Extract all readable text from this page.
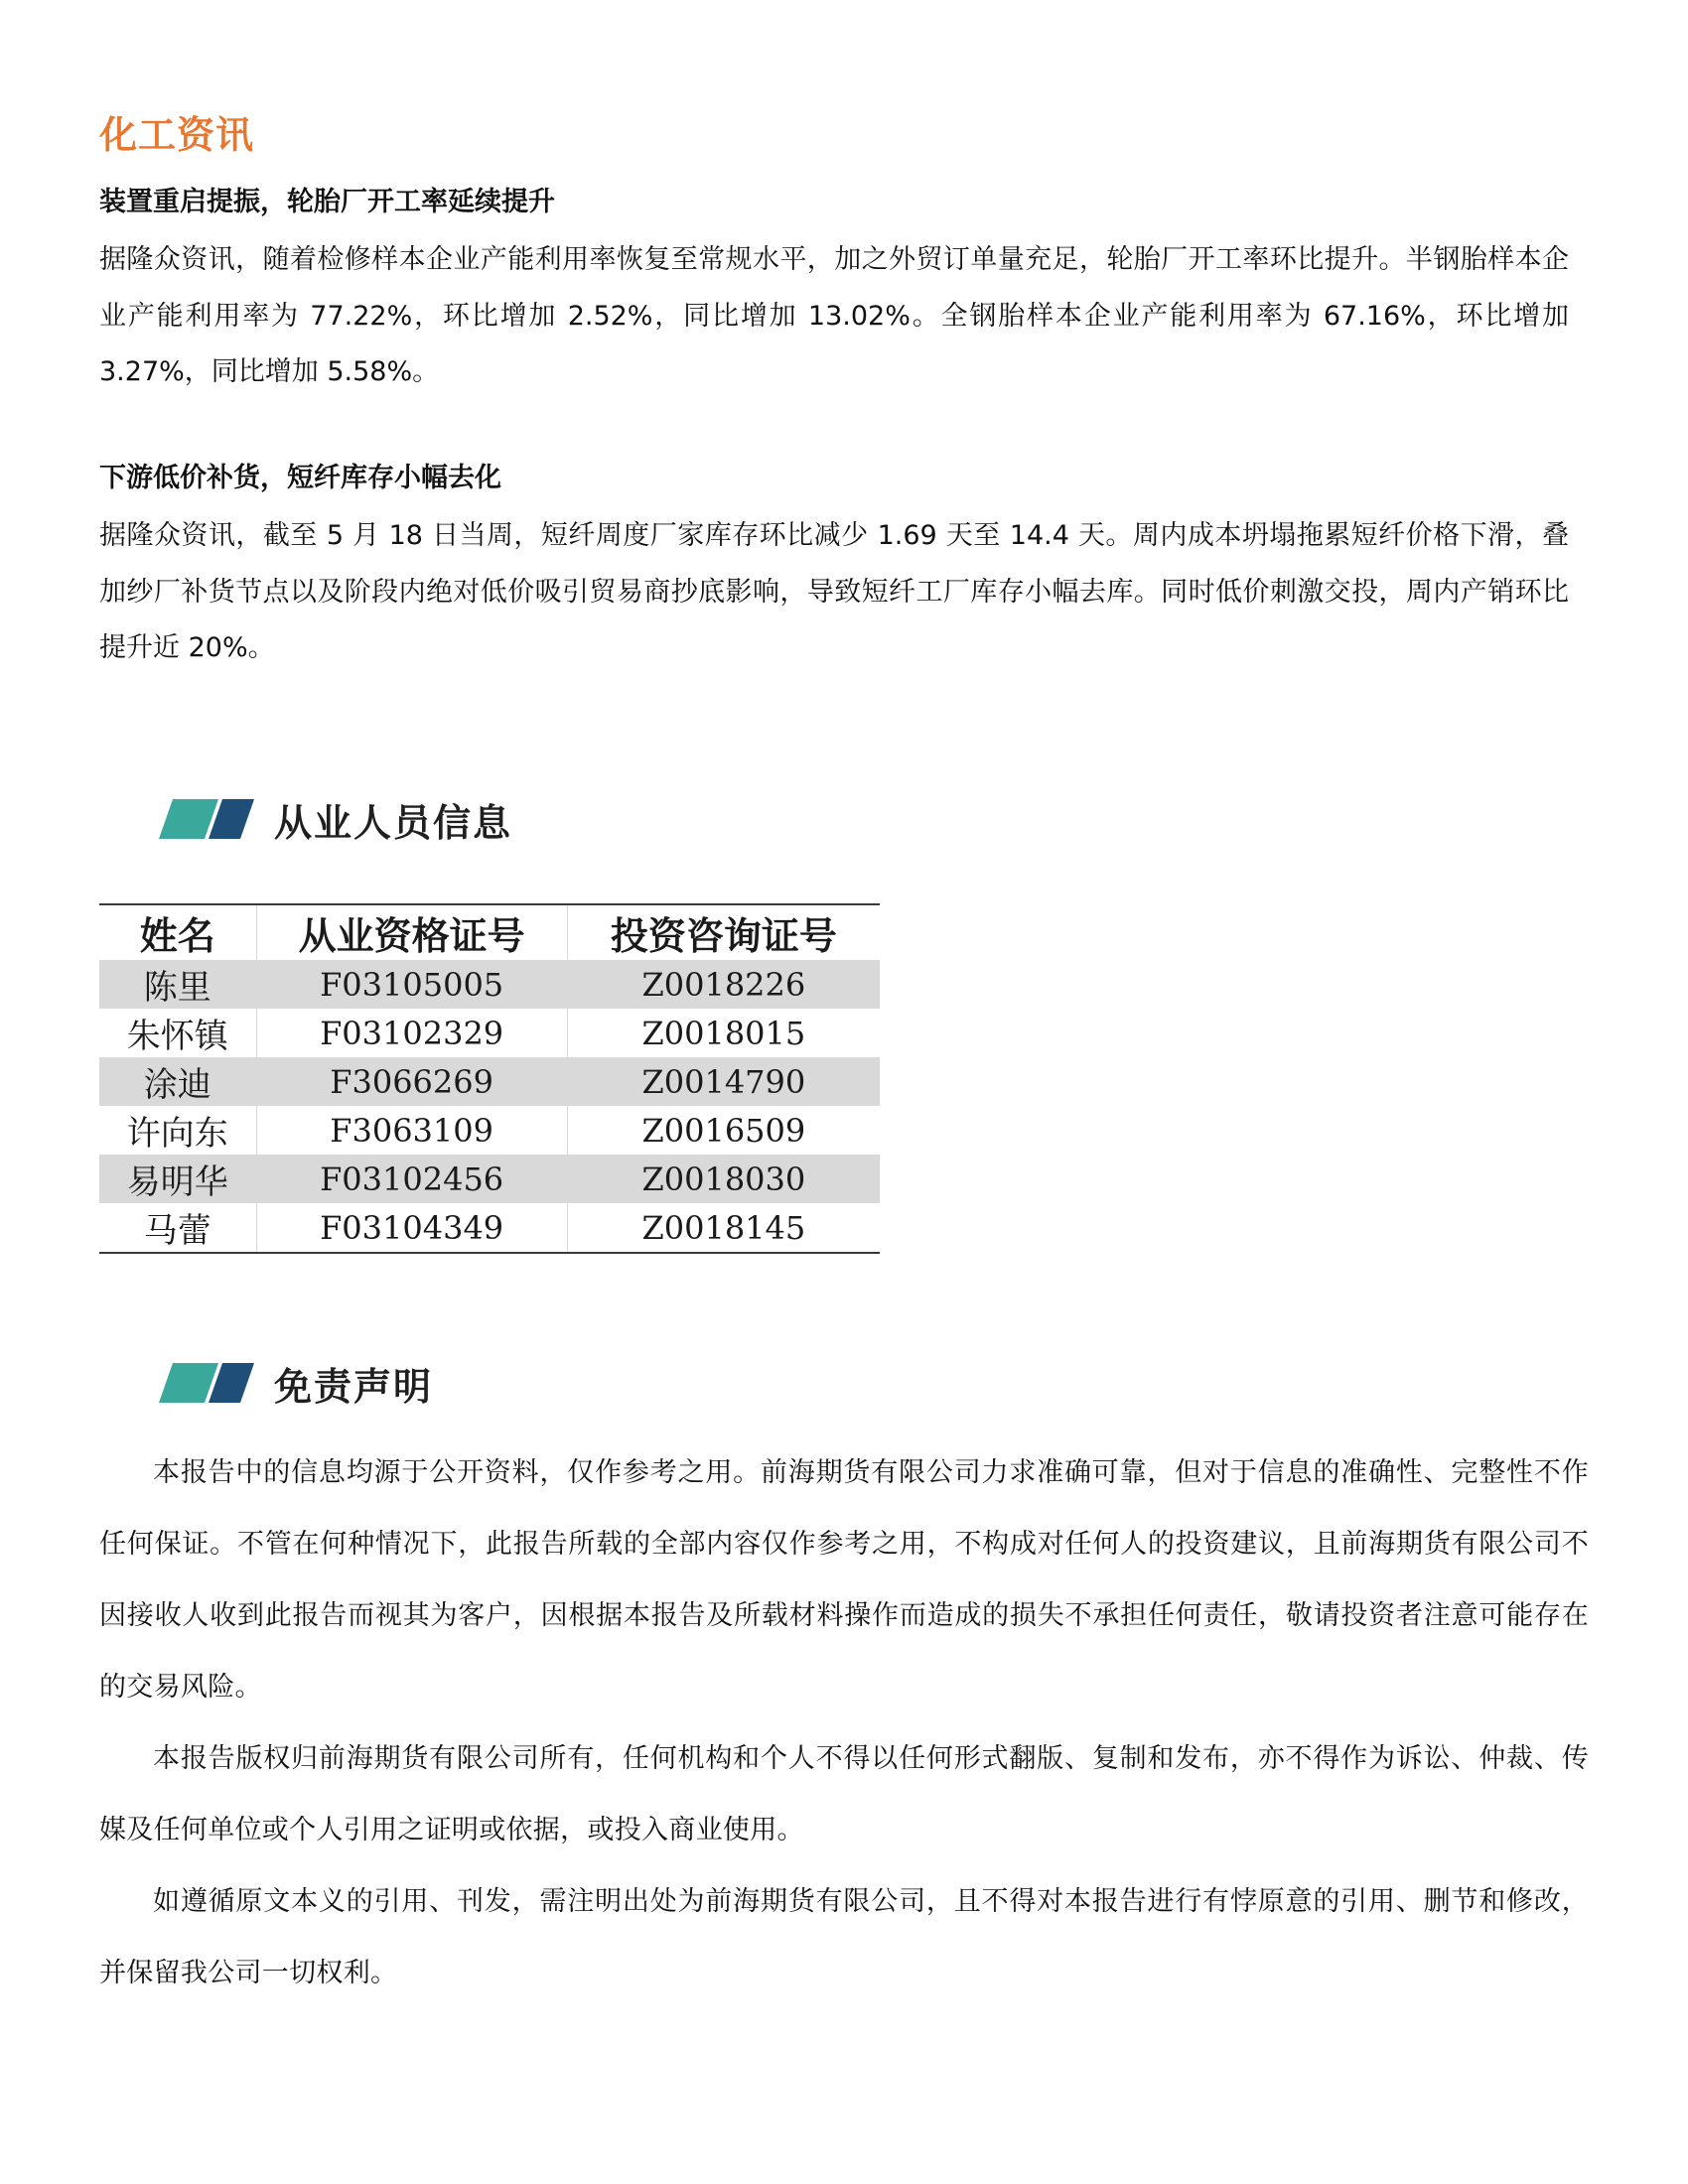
化工资讯

装置重启提振，轮胎厂开工率延续提升

据隆众资讯，随着检修样本企业产能利用率恢复至常规水平，加之外贸订单量充足，轮胎厂开工率环比提升。半钢胎样本企业产能利用率为 77.22%，环比增加 2.52%，同比增加 13.02%。全钢胎样本企业产能利用率为 67.16%，环比增加 3.27%，同比增加 5.58%。

下游低价补货，短纤库存小幅去化

据隆众资讯，截至 5 月 18 日当周，短纤周度厂家库存环比减少 1.69 天至 14.4 天。周内成本坍塌拖累短纤价格下滑，叠加纱厂补货节点以及阶段内绝对低价吸引贸易商抄底影响，导致短纤工厂库存小幅去库。同时低价刺激交投，周内产销环比提升近 20%。

从业人员信息
姓名	从业资格证号	投资咨询证号
陈里	F03105005	Z0018226
朱怀镇	F03102329	Z0018015
涂迪	F3066269	Z0014790
许向东	F3063109	Z0016509
易明华	F03102456	Z0018030
马蕾	F03104349	Z0018145
免责声明

本报告中的信息均源于公开资料，仅作参考之用。前海期货有限公司力求准确可靠，但对于信息的准确性、完整性不作任何保证。不管在何种情况下，此报告所载的全部内容仅作参考之用，不构成对任何人的投资建议，且前海期货有限公司不因接收人收到此报告而视其为客户，因根据本报告及所载材料操作而造成的损失不承担任何责任，敬请投资者注意可能存在的交易风险。

本报告版权归前海期货有限公司所有，任何机构和个人不得以任何形式翻版、复制和发布，亦不得作为诉讼、仲裁、传媒及任何单位或个人引用之证明或依据，或投入商业使用。

如遵循原文本义的引用、刊发，需注明出处为前海期货有限公司，且不得对本报告进行有悖原意的引用、删节和修改，并保留我公司一切权利。
